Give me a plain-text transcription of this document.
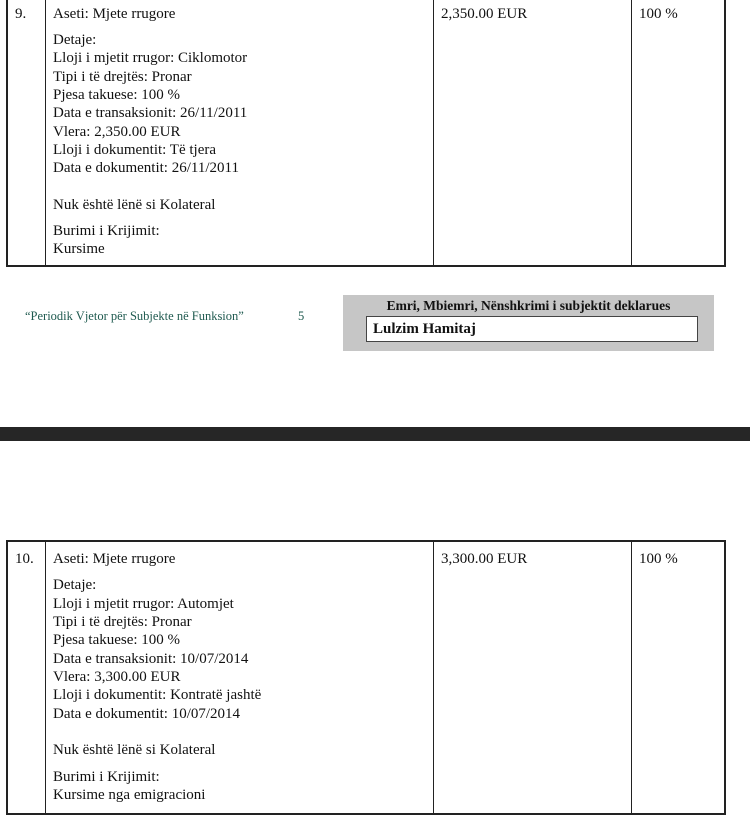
9. Aseti: Mjete rrugore
Detaje:
Lloji i mjetit rrugor: Ciklomotor
Tipi i të drejtës: Pronar
Pjesa takuese: 100 %
Data e transaksionit: 26/11/2011
Vlera: 2,350.00 EUR
Lloji i dokumentit: Të tjera
Data e dokumentit: 26/11/2011
Nuk është lënë si Kolateral
Burimi i Krijimit:
Kursime
2,350.00 EUR	100 %
“Periodik Vjetor për Subjekte në Funksion”	5
Emri, Mbiemri, Nënshkrimi i subjektit deklarues
Lulzim Hamitaj
10. Aseti: Mjete rrugore
Detaje:
Lloji i mjetit rrugor: Automjet
Tipi i të drejtës: Pronar
Pjesa takuese: 100 %
Data e transaksionit: 10/07/2014
Vlera: 3,300.00 EUR
Lloji i dokumentit: Kontratë jashtë
Data e dokumentit: 10/07/2014
Nuk është lënë si Kolateral
Burimi i Krijimit:
Kursime nga emigracioni
3,300.00 EUR	100 %
